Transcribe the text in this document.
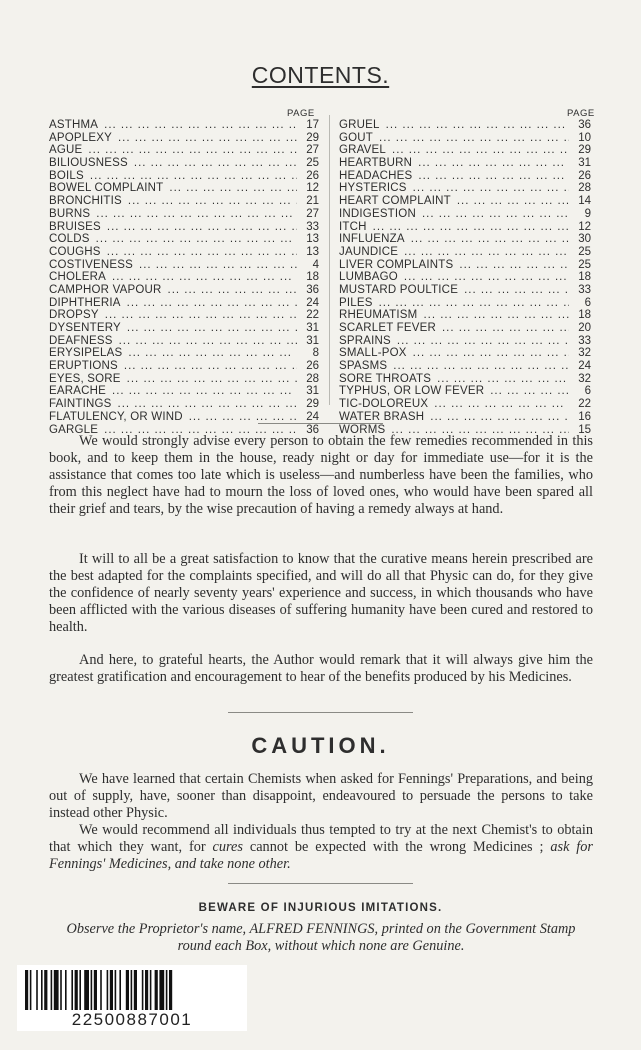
CONTENTS.
PAGE	PAGE
ASTHMA ... .	17
APOPLEXY ... .	29
AGUE ... .	27
BILIOUSNESS ... .	25
BOILS ... .	26
BOWEL COMPLAINT ... .	12
BRONCHITIS ... .	21
BURNS ... .	27
BRUISES ... .	33
COLDS ... .	13
COUGHS ... .	13
COSTIVENESS ... .	4
CHOLERA ... .	18
CAMPHOR VAPOUR ... .	36
DIPHTHERIA ... .	24
DROPSY ... .	22
DYSENTERY ... .	31
DEAFNESS ... .	31
ERYSIPELAS ... .	8
ERUPTIONS ... .	26
EYES, SORE ... .	28
EARACHE ... .	31
FAINTINGS ... .	29
FLATULENCY, OR WIND ... .	24
GARGLE ... .	36
GRUEL ... .	36
GOUT ... .	10
GRAVEL ... .	29
HEARTBURN ... .	31
HEADACHES ... .	26
HYSTERICS ... .	28
HEART COMPLAINT ... .	14
INDIGESTION ... .	9
ITCH ... .	12
INFLUENZA ... .	30
JAUNDICE ... .	25
LIVER COMPLAINTS ... .	25
LUMBAGO ... .	18
MUSTARD POULTICE ... .	33
PILES ... .	6
RHEUMATISM ... .	18
SCARLET FEVER ... .	20
SPRAINS ... .	33
SMALL-POX ... .	32
SPASMS ... .	24
SORE THROATS ... .	32
TYPHUS, OR LOW FEVER ... .	6
TIC-DOLOREUX ... .	22
WATER BRASH ... .	16
WORMS ... .	15

We would strongly advise every person to obtain the few remedies recommended in this book, and to keep them in the house, ready night or day for immediate use—for it is the assistance that comes too late which is useless—and numberless have been the families, who from this neglect have had to mourn the loss of loved ones, who would have been spared all their grief and tears, by the wise precaution of having a remedy always at hand.

It will to all be a great satisfaction to know that the curative means herein prescribed are the best adapted for the complaints specified, and will do all that Physic can do, for they give the confidence of nearly seventy years' experience and success, in which thousands who have been afflicted with the various diseases of suffering humanity have been cured and restored to health.

And here, to grateful hearts, the Author would remark that it will always give him the greatest gratification and encouragement to hear of the benefits produced by his Medicines.

CAUTION.

We have learned that certain Chemists when asked for Fennings' Preparations, and being out of supply, have, sooner than disappoint, endeavoured to persuade the persons to take instead other Physic.

We would recommend all individuals thus tempted to try at the next Chemist's to obtain that which they want, for cures cannot be expected with the wrong Medicines ; ask for Fennings' Medicines, and take none other.

BEWARE OF INJURIOUS IMITATIONS.

Observe the Proprietor's name, ALFRED FENNINGS, printed on the Government Stamp round each Box, without which none are Genuine.

22500887001
